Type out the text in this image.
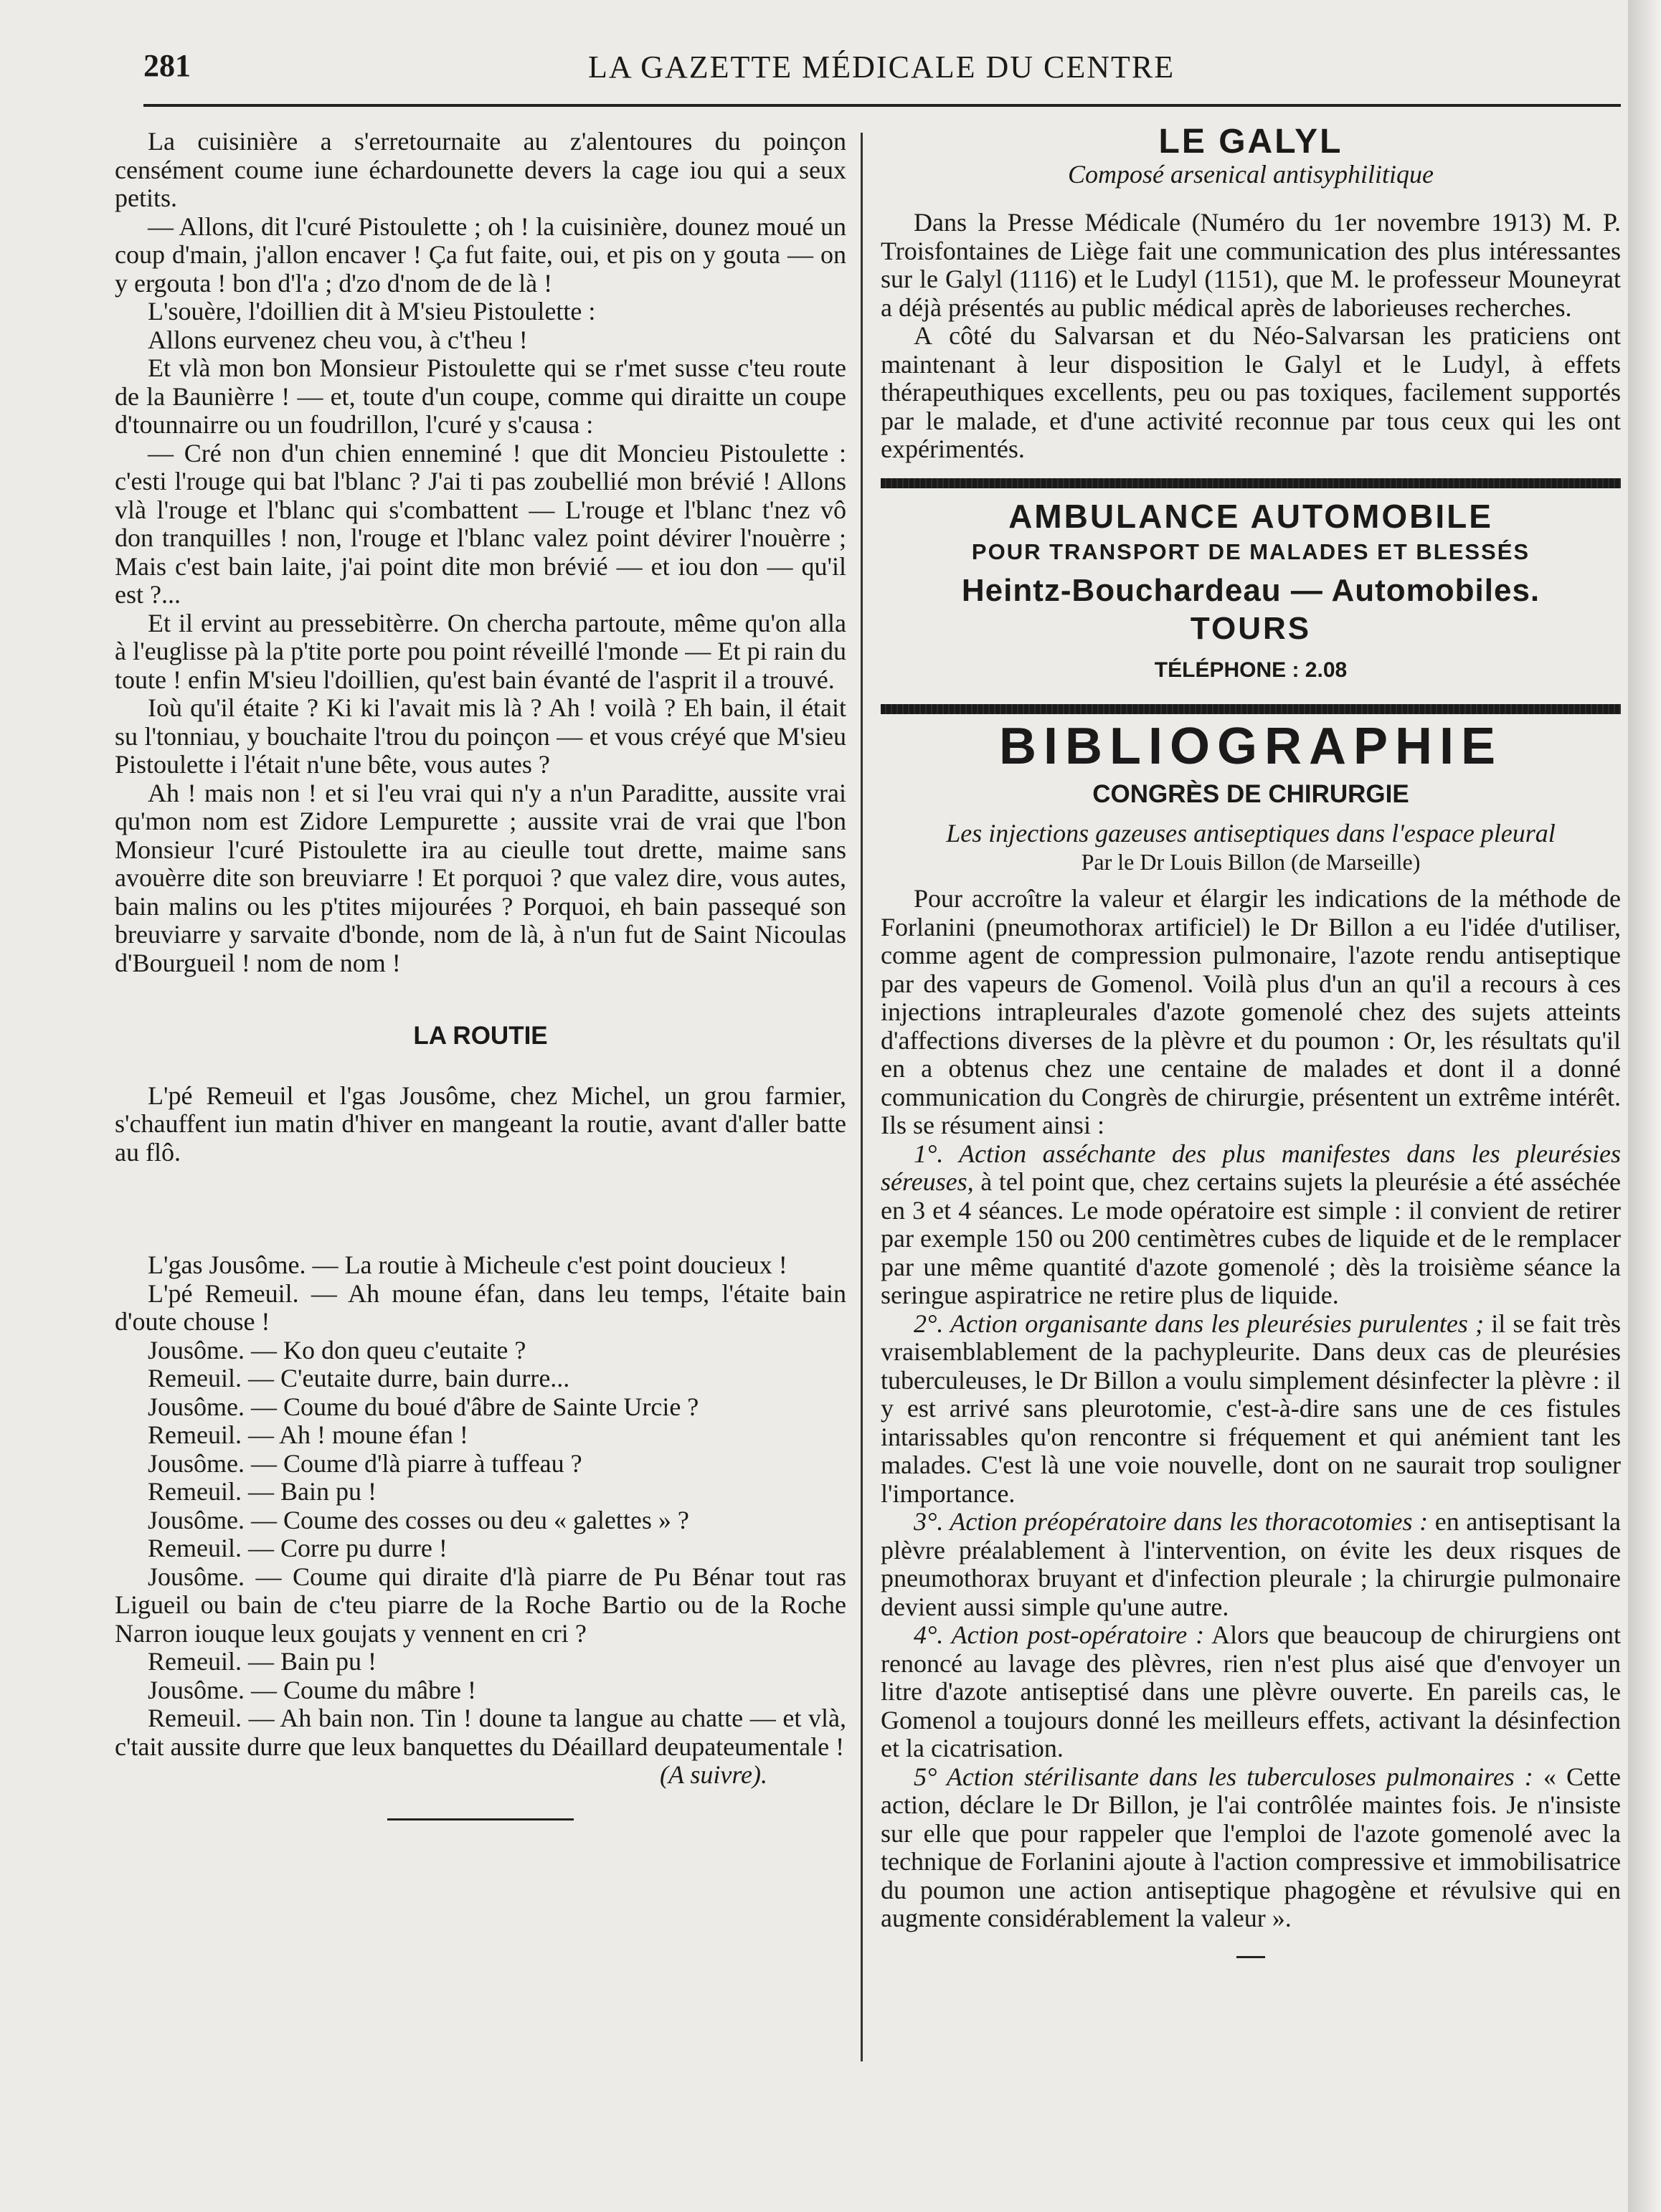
281	LA GAZETTE MÉDICALE DU CENTRE

La cuisinière a s'erretournaite au z'alentoures du poinçon censément coume iune échardounette devers la cage iou qui a seux petits.

— Allons, dit l'curé Pistoulette ; oh ! la cuisinière, dounez moué un coup d'main, j'allon encaver ! Ça fut faite, oui, et pis on y gouta — on y ergouta ! bon d'l'a ; d'zo d'nom de de là !

L'souère, l'doillien dit à M'sieu Pistoulette :

Allons eurvenez cheu vou, à c't'heu !

Et vlà mon bon Monsieur Pistoulette qui se r'met susse c'teu route de la Baunièrre ! — et, toute d'un coupe, comme qui diraitte un coupe d'tounnairre ou un foudrillon, l'curé y s'causa :

— Cré non d'un chien enneminé ! que dit Moncieu Pistoulette : c'esti l'rouge qui bat l'blanc ? J'ai ti pas zoubellié mon brévié ! Allons vlà l'rouge et l'blanc qui s'combattent — L'rouge et l'blanc t'nez vô don tranquilles ! non, l'rouge et l'blanc valez point dévirer l'nouèrre ; Mais c'est bain laite, j'ai point dite mon brévié — et iou don — qu'il est ?...

Et il ervint au pressebitèrre. On chercha partoute, même qu'on alla à l'euglisse pà la p'tite porte pou point réveillé l'monde — Et pi rain du toute ! enfin M'sieu l'doillien, qu'est bain évanté de l'asprit il a trouvé.

Ioù qu'il étaite ? Ki ki l'avait mis là ? Ah ! voilà ? Eh bain, il était su l'tonniau, y bouchaite l'trou du poinçon — et vous créyé que M'sieu Pistoulette i l'était n'une bête, vous autes ?

Ah ! mais non ! et si l'eu vrai qui n'y a n'un Paraditte, aussite vrai qu'mon nom est Zidore Lempurette ; aussite vrai de vrai que l'bon Monsieur l'curé Pistoulette ira au cieulle tout drette, maime sans avouèrre dite son breuviarre ! Et porquoi ? que valez dire, vous autes, bain malins ou les p'tites mijourées ? Porquoi, eh bain passequé son breuviarre y sarvaite d'bonde, nom de là, à n'un fut de Saint Nicoulas d'Bourgueil ! nom de nom !

LA ROUTIE

L'pé Remeuil et l'gas Jousôme, chez Michel, un grou farmier, s'chauffent iun matin d'hiver en mangeant la routie, avant d'aller batte au flô.

L'gas Jousôme. — La routie à Micheule c'est point doucieux !

L'pé Remeuil. — Ah moune éfan, dans leu temps, l'étaite bain d'oute chouse !

Jousôme. — Ko don queu c'eutaite ?

Remeuil. — C'eutaite durre, bain durre...

Jousôme. — Coume du boué d'âbre de Sainte Urcie ?

Remeuil. — Ah ! moune éfan !

Jousôme. — Coume d'là piarre à tuffeau ?

Remeuil. — Bain pu !

Jousôme. — Coume des cosses ou deu « galettes » ?

Remeuil. — Corre pu durre !

Jousôme. — Coume qui diraite d'là piarre de Pu Bénar tout ras Ligueil ou bain de c'teu piarre de la Roche Bartio ou de la Roche Narron iouque leux goujats y vennent en cri ?

Remeuil. — Bain pu !

Jousôme. — Coume du mâbre !

Remeuil. — Ah bain non. Tin ! doune ta langue au chatte — et vlà, c'tait aussite durre que leux banquettes du Déaillard deupateumentale !

(A suivre).

LE GALYL
Composé arsenical antisyphilitique

Dans la Presse Médicale (Numéro du 1er novembre 1913) M. P. Troisfontaines de Liège fait une communication des plus intéressantes sur le Galyl (1116) et le Ludyl (1151), que M. le professeur Mouneyrat a déjà présentés au public médical après de laborieuses recherches.

A côté du Salvarsan et du Néo-Salvarsan les praticiens ont maintenant à leur disposition le Galyl et le Ludyl, à effets thérapeuthiques excellents, peu ou pas toxiques, facilement supportés par le malade, et d'une activité reconnue par tous ceux qui les ont expérimentés.

AMBULANCE AUTOMOBILE
POUR TRANSPORT DE MALADES ET BLESSÉS
Heintz-Bouchardeau — Automobiles.
TOURS
TÉLÉPHONE : 2.08
BIBLIOGRAPHIE

CONGRÈS DE CHIRURGIE

Les injections gazeuses antiseptiques dans l'espace pleural

Par le Dr Louis Billon (de Marseille)

Pour accroître la valeur et élargir les indications de la méthode de Forlanini (pneumothorax artificiel) le Dr Billon a eu l'idée d'utiliser, comme agent de compression pulmonaire, l'azote rendu antiseptique par des vapeurs de Gomenol. Voilà plus d'un an qu'il a recours à ces injections intrapleurales d'azote gomenolé chez des sujets atteints d'affections diverses de la plèvre et du poumon : Or, les résultats qu'il en a obtenus chez une centaine de malades et dont il a donné communication du Congrès de chirurgie, présentent un extrême intérêt. Ils se résument ainsi :

1°. Action asséchante des plus manifestes dans les pleurésies séreuses, à tel point que, chez certains sujets la pleurésie a été asséchée en 3 et 4 séances. Le mode opératoire est simple : il convient de retirer par exemple 150 ou 200 centimètres cubes de liquide et de le remplacer par une même quantité d'azote gomenolé ; dès la troisième séance la seringue aspiratrice ne retire plus de liquide.

2°. Action organisante dans les pleurésies purulentes ; il se fait très vraisemblablement de la pachypleurite. Dans deux cas de pleurésies tuberculeuses, le Dr Billon a voulu simplement désinfecter la plèvre : il y est arrivé sans pleurotomie, c'est-à-dire sans une de ces fistules intarissables qu'on rencontre si fréquement et qui anémient tant les malades. C'est là une voie nouvelle, dont on ne saurait trop souligner l'importance.

3°. Action préopératoire dans les thoracotomies : en antiseptisant la plèvre préalablement à l'intervention, on évite les deux risques de pneumothorax bruyant et d'infection pleurale ; la chirurgie pulmonaire devient aussi simple qu'une autre.

4°. Action post-opératoire : Alors que beaucoup de chirurgiens ont renoncé au lavage des plèvres, rien n'est plus aisé que d'envoyer un litre d'azote antiseptisé dans une plèvre ouverte. En pareils cas, le Gomenol a toujours donné les meilleurs effets, activant la désinfection et la cicatrisation.

5° Action stérilisante dans les tuberculoses pulmonaires : « Cette action, déclare le Dr Billon, je l'ai contrôlée maintes fois. Je n'insiste sur elle que pour rappeler que l'emploi de l'azote gomenolé avec la technique de Forlanini ajoute à l'action compressive et immobilisatrice du poumon une action antiseptique phagogène et révulsive qui en augmente considérablement la valeur ».
